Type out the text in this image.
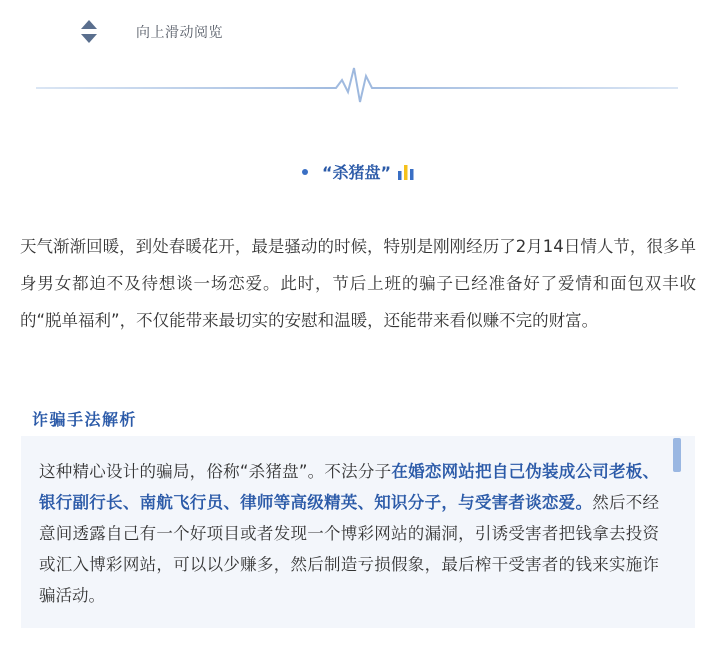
向上滑动阅览
“杀猪盘”

天气渐渐回暖，到处春暖花开，最是骚动的时候，特别是刚刚经历了2月14日情人节，很多单身男女都迫不及待想谈一场恋爱。此时，节后上班的骗子已经准备好了爱情和面包双丰收的“脱单福利”，不仅能带来最切实的安慰和温暖，还能带来看似赚不完的财富。

诈骗手法解析

这种精心设计的骗局，俗称“杀猪盘”。不法分子在婚恋网站把自己伪装成公司老板、银行副行长、南航飞行员、律师等高级精英、知识分子，与受害者谈恋爱。然后不经意间透露自己有一个好项目或者发现一个博彩网站的漏洞，引诱受害者把钱拿去投资或汇入博彩网站，可以以少赚多，然后制造亏损假象，最后榨干受害者的钱来实施诈骗活动。
